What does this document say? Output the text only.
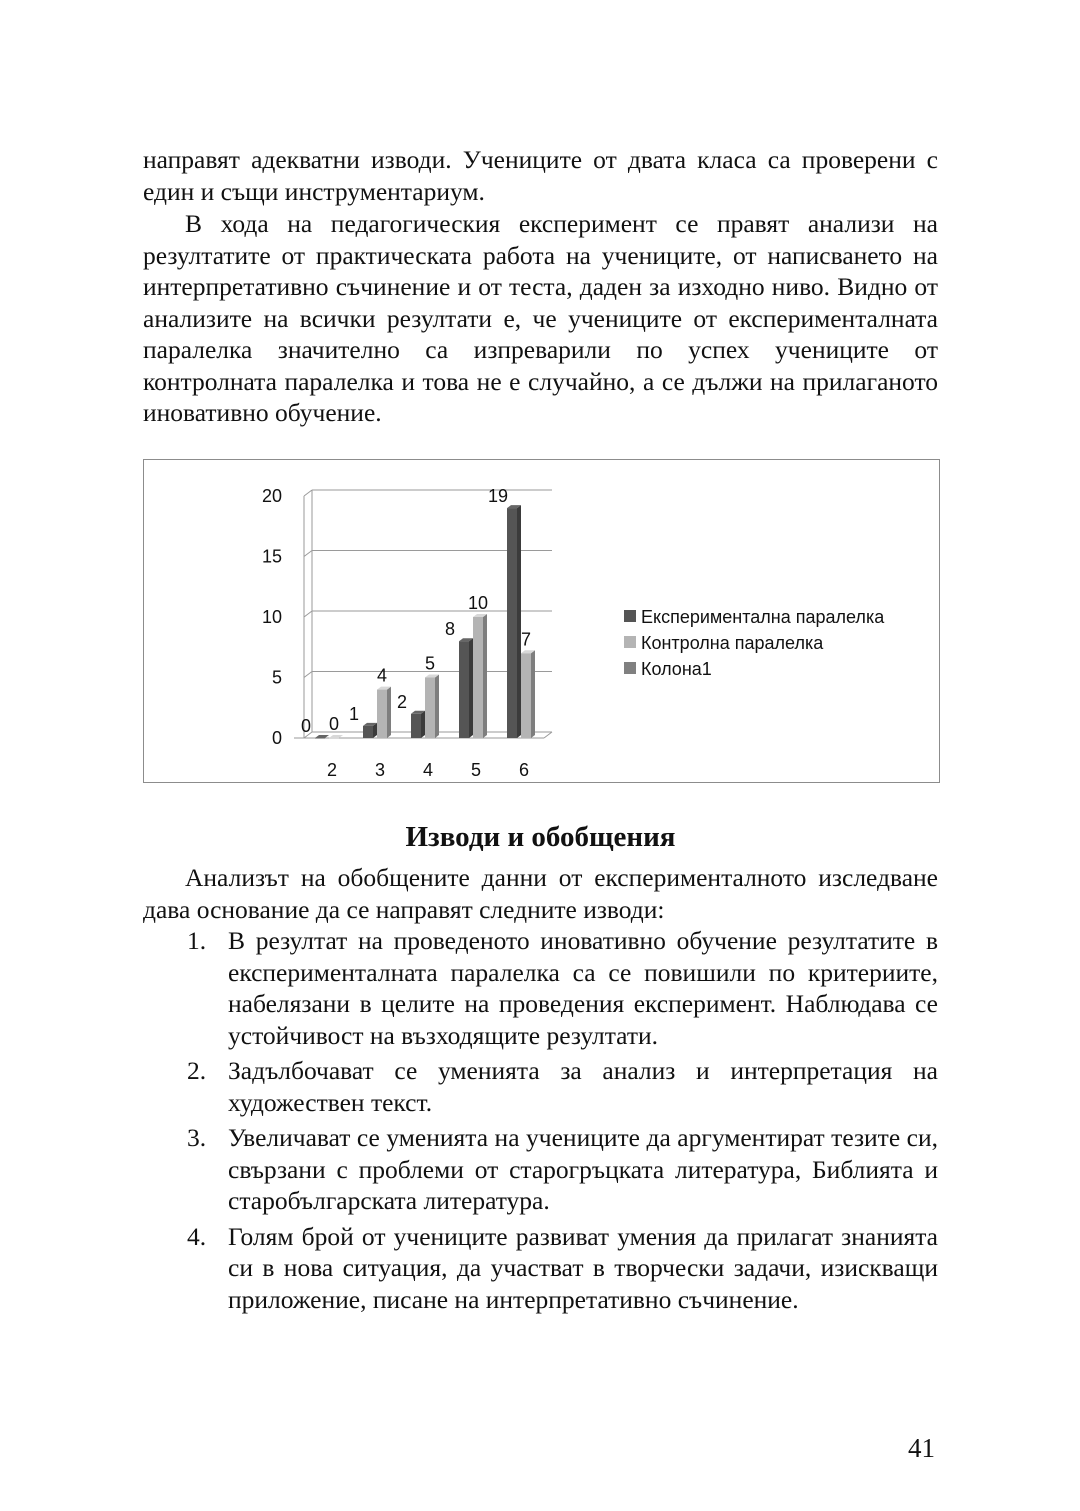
направят адекватни изводи. Учениците от двата класа са проверени с един и същи инструментариум.

В хода на педагогическия експеримент се правят анализи на резултатите от практическата работа на учениците, от написването на интерпретативно съчинение и от теста, даден за изходно ниво. Видно от анализите на всички резултати е, че учениците от експерименталната паралелка значително са изпреварили по успех учениците от контролната паралелка и това не е случайно, а се дължи на прилаганото иновативно обучение.

0
5
10
15
20
0
1
2
8
19
0
4
5
10
7
2 3 4 5 6
Експериментална паралелка
Контролна паралелка
Колона1
Изводи и обобщения

Анализът на обобщените данни от експерименталното изследване дава основание да се направят следните изводи:

1. В резултат на проведеното иновативно обучение резултатите в експерименталната паралелка са се повишили по критериите, набелязани в целите на проведения експеримент. Наблюдава се устойчивост на възходящите резултати.
2. Задълбочават се уменията за анализ и интерпретация на художествен текст.
3. Увеличават се уменията на учениците да аргументират тезите си, свързани с проблеми от старогръцката литература, Библията и старобългарската литература.
4. Голям брой от учениците развиват умения да прилагат знанията си в нова ситуация, да участват в творчески задачи, изискващи приложение, писане на интерпретативно съчинение.
41
